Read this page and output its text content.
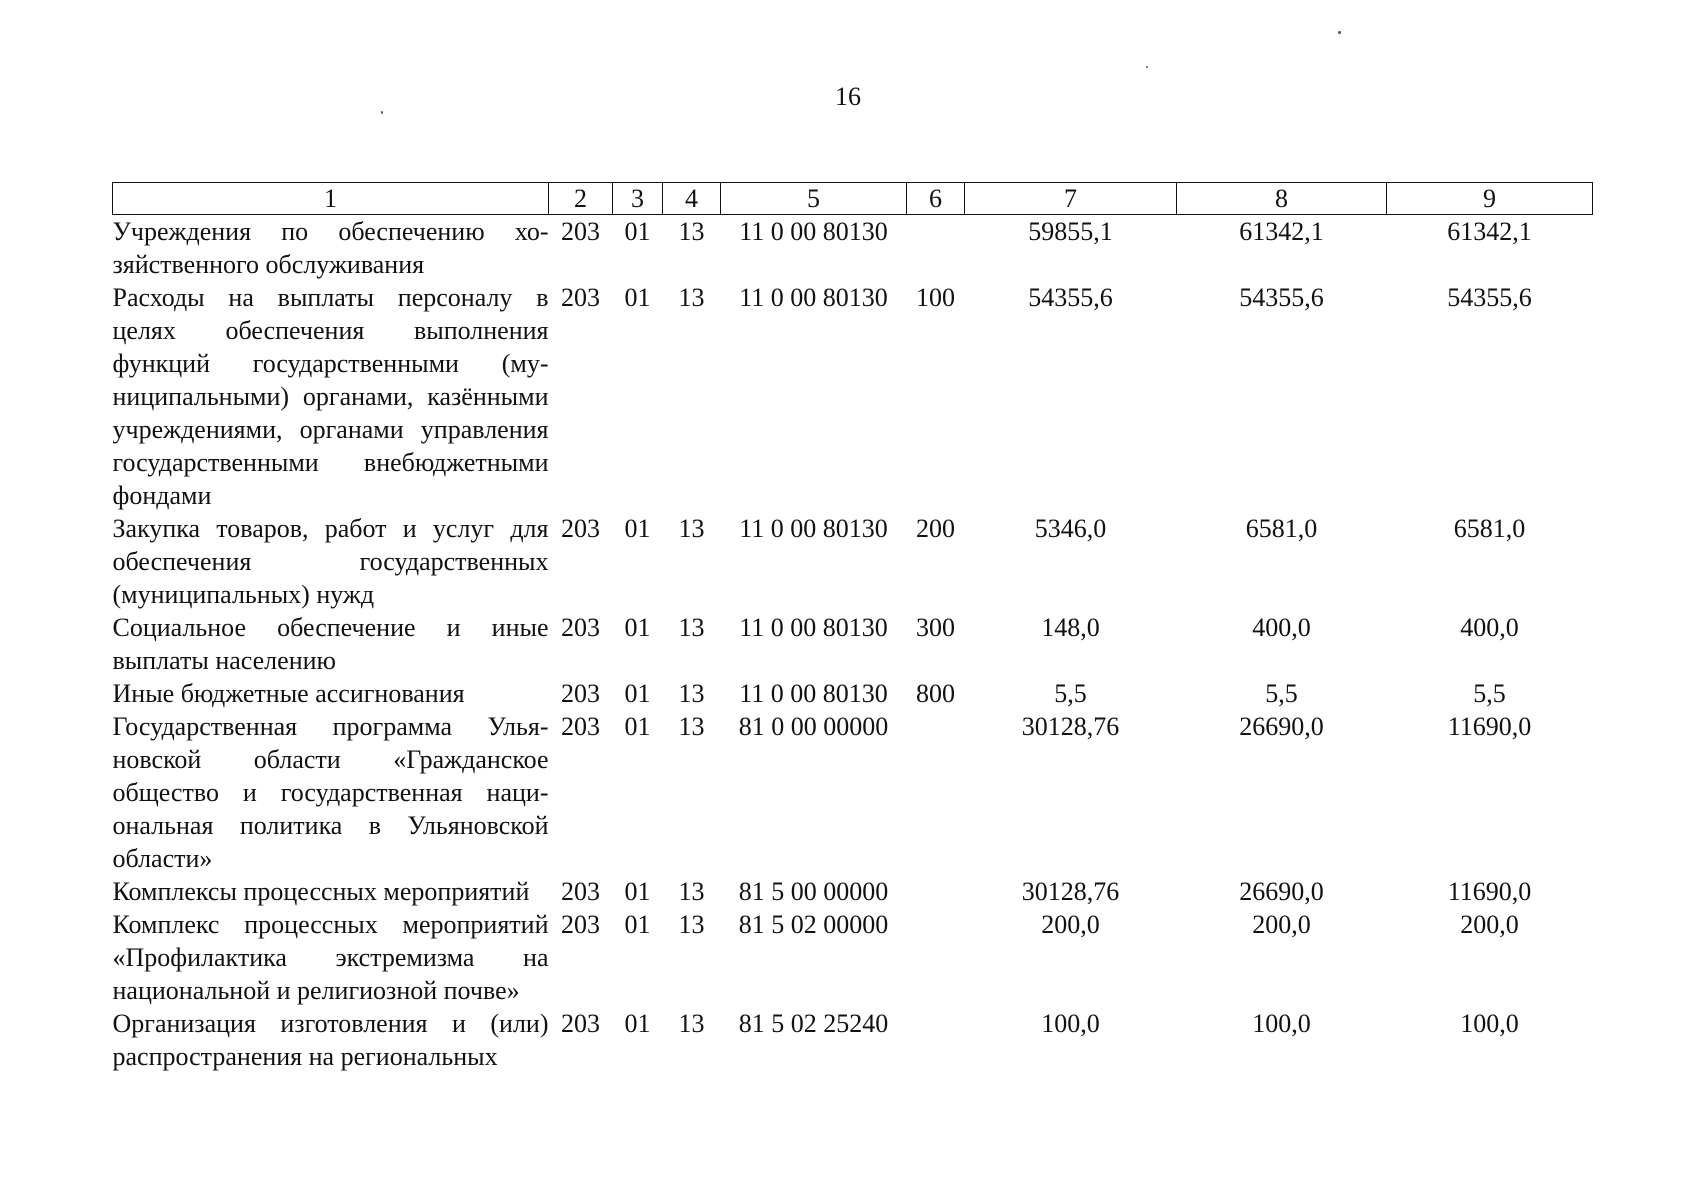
16
1	2	3	4	5	6	7	8	9
Учреждения по обеспечению хозяйственного обслуживания	203	01	13	11 0 00 80130		59855,1	61342,1	61342,1
Расходы на выплаты персоналу в целях обеспечения выполнения функций государственными (муниципальными) органами, казёнными учреждениями, органами управления государственными внебюджетными фондами	203	01	13	11 0 00 80130	100	54355,6	54355,6	54355,6
Закупка товаров, работ и услуг для обеспечения государственных (муниципальных) нужд	203	01	13	11 0 00 80130	200	5346,0	6581,0	6581,0
Социальное обеспечение и иные выплаты населению	203	01	13	11 0 00 80130	300	148,0	400,0	400,0
Иные бюджетные ассигнования	203	01	13	11 0 00 80130	800	5,5	5,5	5,5
Государственная программа Ульяновской области «Гражданское общество и государственная национальная политика в Ульяновской области»	203	01	13	81 0 00 00000		30128,76	26690,0	11690,0
Комплексы процессных мероприятий	203	01	13	81 5 00 00000		30128,76	26690,0	11690,0
Комплекс процессных мероприятий «Профилактика экстремизма на национальной и религиозной почве»	203	01	13	81 5 02 00000		200,0	200,0	200,0
Организация изготовления и (или) распространения на региональных	203	01	13	81 5 02 25240		100,0	100,0	100,0
